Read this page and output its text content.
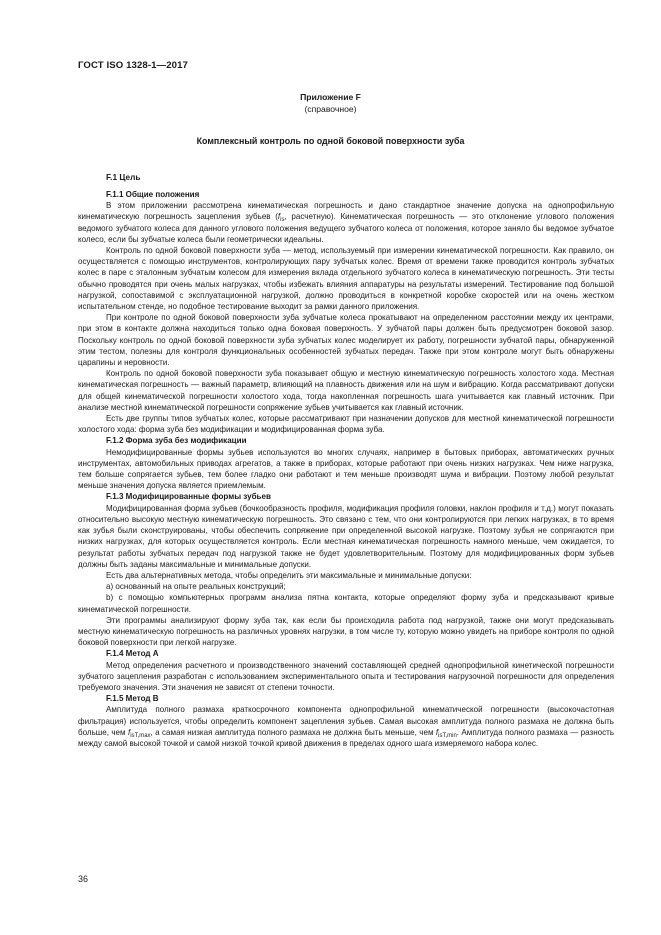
ГОСТ ISO 1328-1—2017
Приложение F
(справочное)
Комплексный контроль по одной боковой поверхности зуба
F.1 Цель

F.1.1 Общие положения

В этом приложении рассмотрена кинематическая погрешность и дано стандартное значение допуска на однопрофильную кинематическую погрешность зацепления зубьев ($f_{is}$, расчетную). Кинематическая погрешность — это отклонение углового положения ведомого зубчатого колеса для данного углового положения ведущего зубчатого колеса от положения, которое заняло бы ведомое зубчатое колесо, если бы зубчатые колеса были геометрически идеальны.

Контроль по одной боковой поверхности зуба — метод, используемый при измерении кинематической погрешности. Как правило, он осуществляется с помощью инструментов, контролирующих пару зубчатых колес. Время от времени также проводится контроль зубчатых колес в паре с эталонным зубчатым колесом для измерения вклада отдельного зубчатого колеса в кинематическую погрешность. Эти тесты обычно проводятся при очень малых нагрузках, чтобы избежать влияния аппаратуры на результаты измерений. Тестирование под большой нагрузкой, сопоставимой с эксплуатационной нагрузкой, должно проводиться в конкретной коробке скоростей или на очень жестком испытательном стенде, но подобное тестирование выходит за рамки данного приложения.

При контроле по одной боковой поверхности зуба зубчатые колеса прокатывают на определенном расстоянии между их центрами, при этом в контакте должна находиться только одна боковая поверхность. У зубчатой пары должен быть предусмотрен боковой зазор. Поскольку контроль по одной боковой поверхности зуба зубчатых колес моделирует их работу, погрешности зубчатой пары, обнаруженной этим тестом, полезны для контроля функциональных особенностей зубчатых передач. Также при этом контроле могут быть обнаружены царапины и неровности.

Контроль по одной боковой поверхности зуба показывает общую и местную кинематическую погрешность холостого хода. Местная кинематическая погрешность — важный параметр, влияющий на плавность движения или на шум и вибрацию. Когда рассматривают допуски для общей кинематической погрешности холостого хода, тогда накопленная погрешность шага учитывается как главный источник. При анализе местной кинематической погрешности сопряжение зубьев учитывается как главный источник.

Есть две группы типов зубчатых колес, которые рассматривают при назначении допусков для местной кинематической погрешности холостого хода: форма зуба без модификации и модифицированная форма зуба.

F.1.2 Форма зуба без модификации

Немодифицированные формы зубьев используются во многих случаях, например в бытовых приборах, автоматических ручных инструментах, автомобильных приводах агрегатов, а также в приборах, которые работают при очень низких нагрузках. Чем ниже нагрузка, тем больше сопрягается зубьев, тем более гладко они работают и тем меньше производят шума и вибрации. Поэтому любой результат меньше значения допуска является приемлемым.

F.1.3 Модифицированные формы зубьев

Модифицированная форма зубьев (бочкообразность профиля, модификация профиля головки, наклон профиля и т.д.) могут показать относительно высокую местную кинематическую погрешность. Это связано с тем, что они контролируются при легких нагрузках, в то время как зубья были сконструированы, чтобы обеспечить сопряжение при определенной высокой нагрузке. Поэтому зубья не сопрягаются при низких нагрузках, для которых осуществляется контроль. Если местная кинематическая погрешность намного меньше, чем ожидается, то результат работы зубчатых передач под нагрузкой также не будет удовлетворительным. Поэтому для модифицированных форм зубьев должны быть заданы максимальные и минимальные допуски.

Есть два альтернативных метода, чтобы определить эти максимальные и минимальные допуски:

a) основанный на опыте реальных конструкций;

b) с помощью компьютерных программ анализа пятна контакта, которые определяют форму зуба и предсказывают кривые кинематической погрешности.

Эти программы анализируют форму зуба так, как если бы происходила работа под нагрузкой, также они могут предсказывать местную кинематическую погрешность на различных уровнях нагрузки, в том числе ту, которую можно увидеть на приборе контроля по одной боковой поверхности при легкой нагрузке.

F.1.4 Метод А

Метод определения расчетного и производственного значений составляющей средней однопрофильной кинетической погрешности зубчатого зацепления разработан с использованием экспериментального опыта и тестирования нагрузочной погрешности для определения требуемого значения. Эти значения не зависят от степени точности.

F.1.5 Метод В

Амплитуда полного размаха краткосрочного компонента однопрофильной кинематической погрешности (высокочастотная фильтрация) используется, чтобы определить компонент зацепления зубьев. Самая высокая амплитуда полного размаха не должна быть больше, чем $f_{isT,max}$, а самая низкая амплитуда полного размаха не должна быть меньше, чем $f_{isT,min}$. Амплитуда полного размаха — разность между самой высокой точкой и самой низкой точкой кривой движения в пределах одного шага измеряемого набора колес.

36
